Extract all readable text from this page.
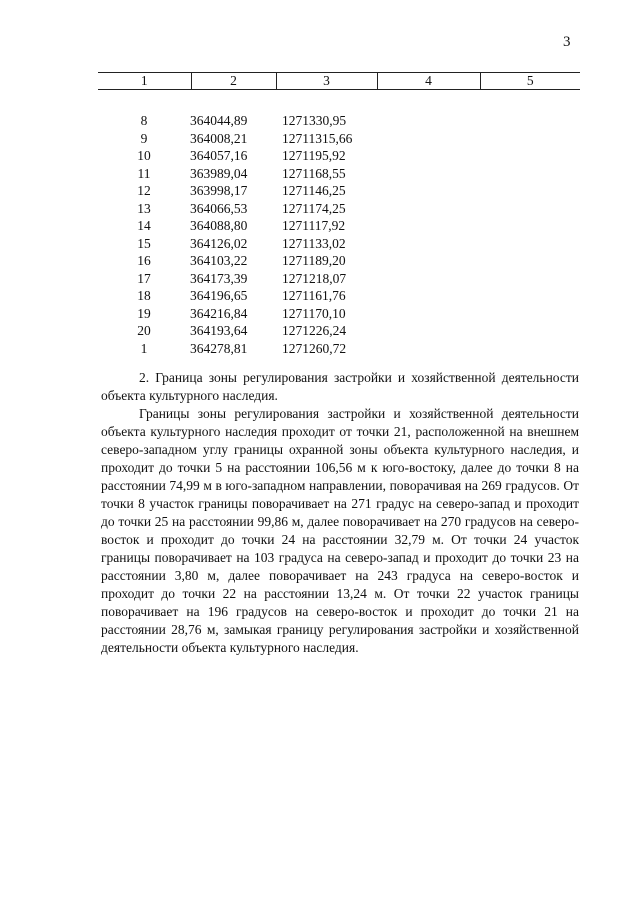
3
1	2	3	4	5
8	364044,89	1271330,95
9	364008,21	12711315,66
10	364057,16	1271195,92
11	363989,04	1271168,55
12	363998,17	1271146,25
13	364066,53	1271174,25
14	364088,80	1271117,92
15	364126,02	1271133,02
16	364103,22	1271189,20
17	364173,39	1271218,07
18	364196,65	1271161,76
19	364216,84	1271170,10
20	364193,64	1271226,24
1	364278,81	1271260,72
2. Граница зоны регулирования застройки и хозяйственной деятельности объекта культурного наследия.
Границы зоны регулирования застройки и хозяйственной деятельности объекта культурного наследия проходит от точки 21, расположенной на внешнем северо-западном углу границы охранной зоны объекта культурного наследия, и проходит до точки 5 на расстоянии 106,56 м к юго-востоку, далее до точки 8 на расстоянии 74,99 м в юго-западном направлении, поворачивая на 269 градусов. От точки 8 участок границы поворачивает на 271 градус на северо-запад и проходит до точки 25 на расстоянии 99,86 м, далее поворачивает на 270 градусов на северо-восток и проходит до точки 24 на расстоянии 32,79 м. От точки 24 участок границы поворачивает на 103 градуса на северо-запад и проходит до точки 23 на расстоянии 3,80 м, далее поворачивает на 243 градуса на северо-восток и проходит до точки 22 на расстоянии 13,24 м. От точки 22 участок границы поворачивает на 196 градусов на северо-восток и проходит до точки 21 на расстоянии 28,76 м, замыкая границу регулирования застройки и хозяйственной деятельности объекта культурного наследия.
